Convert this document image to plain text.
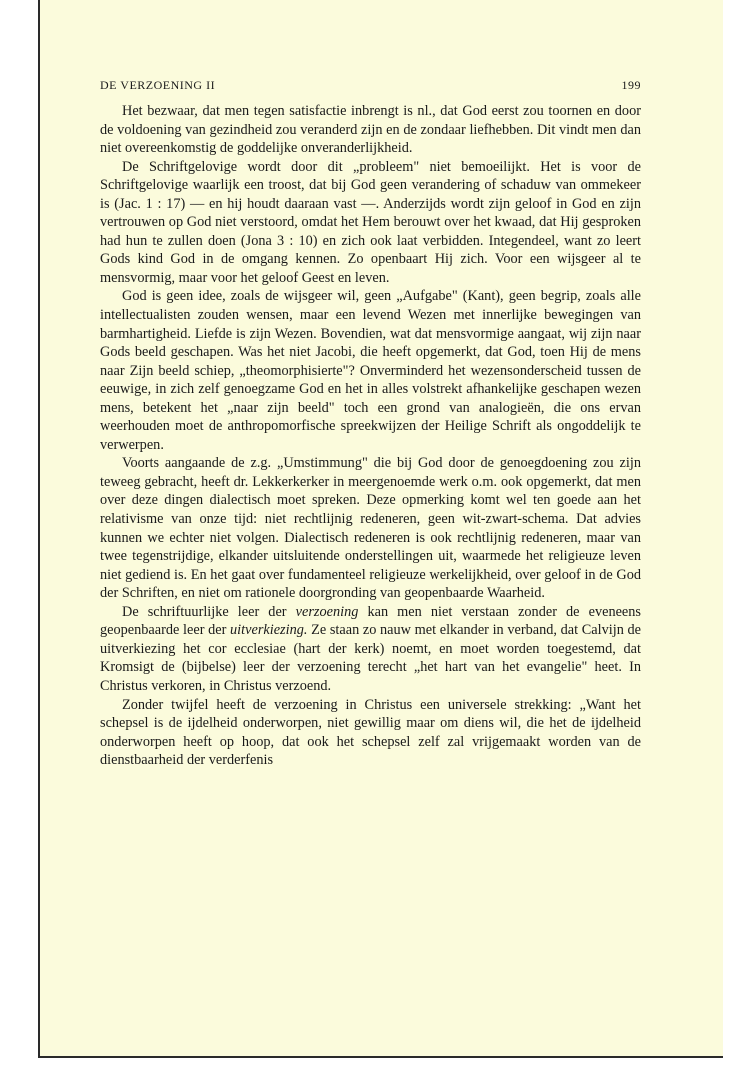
DE VERZOENING II	199

Het bezwaar, dat men tegen satisfactie inbrengt is nl., dat God eerst zou toornen en door de voldoening van gezindheid zou veranderd zijn en de zondaar liefhebben. Dit vindt men dan niet overeenkomstig de goddelijke onveranderlijkheid.

De Schriftgelovige wordt door dit „probleem" niet bemoeilijkt. Het is voor de Schriftgelovige waarlijk een troost, dat bij God geen verandering of schaduw van ommekeer is (Jac. 1 : 17) — en hij houdt daaraan vast —. Anderzijds wordt zijn geloof in God en zijn vertrouwen op God niet verstoord, omdat het Hem berouwt over het kwaad, dat Hij gesproken had hun te zullen doen (Jona 3 : 10) en zich ook laat verbidden. Integendeel, want zo leert Gods kind God in de omgang kennen. Zo openbaart Hij zich. Voor een wijsgeer al te mensvormig, maar voor het geloof Geest en leven.

God is geen idee, zoals de wijsgeer wil, geen „Aufgabe" (Kant), geen begrip, zoals alle intellectualisten zouden wensen, maar een levend Wezen met innerlijke bewegingen van barmhartigheid. Liefde is zijn Wezen. Bovendien, wat dat mensvormige aangaat, wij zijn naar Gods beeld geschapen. Was het niet Jacobi, die heeft opgemerkt, dat God, toen Hij de mens naar Zijn beeld schiep, „theomorphisierte"? Onverminderd het wezensonderscheid tussen de eeuwige, in zich zelf genoegzame God en het in alles volstrekt afhankelijke geschapen wezen mens, betekent het „naar zijn beeld" toch een grond van analogieën, die ons ervan weerhouden moet de anthropomorfische spreekwijzen der Heilige Schrift als ongoddelijk te verwerpen.

Voorts aangaande de z.g. „Umstimmung" die bij God door de genoegdoening zou zijn teweeg gebracht, heeft dr. Lekkerkerker in meergenoemde werk o.m. ook opgemerkt, dat men over deze dingen dialectisch moet spreken. Deze opmerking komt wel ten goede aan het relativisme van onze tijd: niet rechtlijnig redeneren, geen wit-zwart-schema. Dat advies kunnen we echter niet volgen. Dialectisch redeneren is ook rechtlijnig redeneren, maar van twee tegenstrijdige, elkander uitsluitende onderstellingen uit, waarmede het religieuze leven niet gediend is. En het gaat over fundamenteel religieuze werkelijkheid, over geloof in de God der Schriften, en niet om rationele doorgronding van geopenbaarde Waarheid.

De schriftuurlijke leer der verzoening kan men niet verstaan zonder de eveneens geopenbaarde leer der uitverkiezing. Ze staan zo nauw met elkander in verband, dat Calvijn de uitverkiezing het cor ecclesiae (hart der kerk) noemt, en moet worden toegestemd, dat Kromsigt de (bijbelse) leer der verzoening terecht „het hart van het evangelie" heet. In Christus verkoren, in Christus verzoend.

Zonder twijfel heeft de verzoening in Christus een universele strekking: „Want het schepsel is de ijdelheid onderworpen, niet gewillig maar om diens wil, die het de ijdelheid onderworpen heeft op hoop, dat ook het schepsel zelf zal vrijgemaakt worden van de dienstbaarheid der verderfenis
